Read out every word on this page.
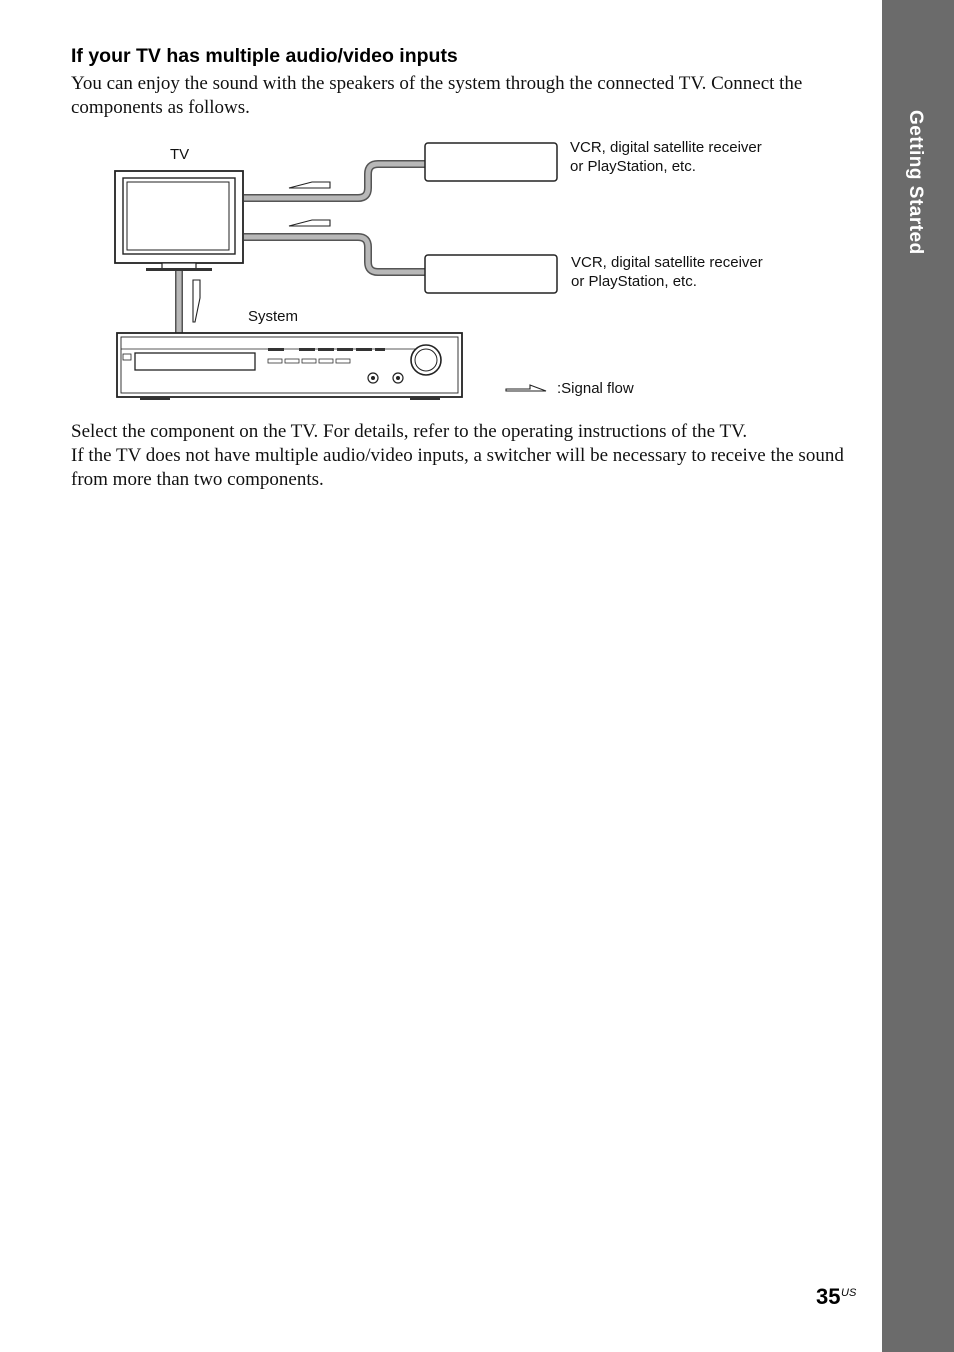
Getting Started
If your TV has multiple audio/video inputs

You can enjoy the sound with the speakers of the system through the connected TV. Connect the components as follows.

TV
System
VCR, digital satellite receiver
or PlayStation, etc.
VCR, digital satellite receiver
or PlayStation, etc.
:Signal flow

Select the component on the TV. For details, refer to the operating instructions of the TV.

If the TV does not have multiple audio/video inputs, a switcher will be necessary to receive the sound from more than two components.

35 US
